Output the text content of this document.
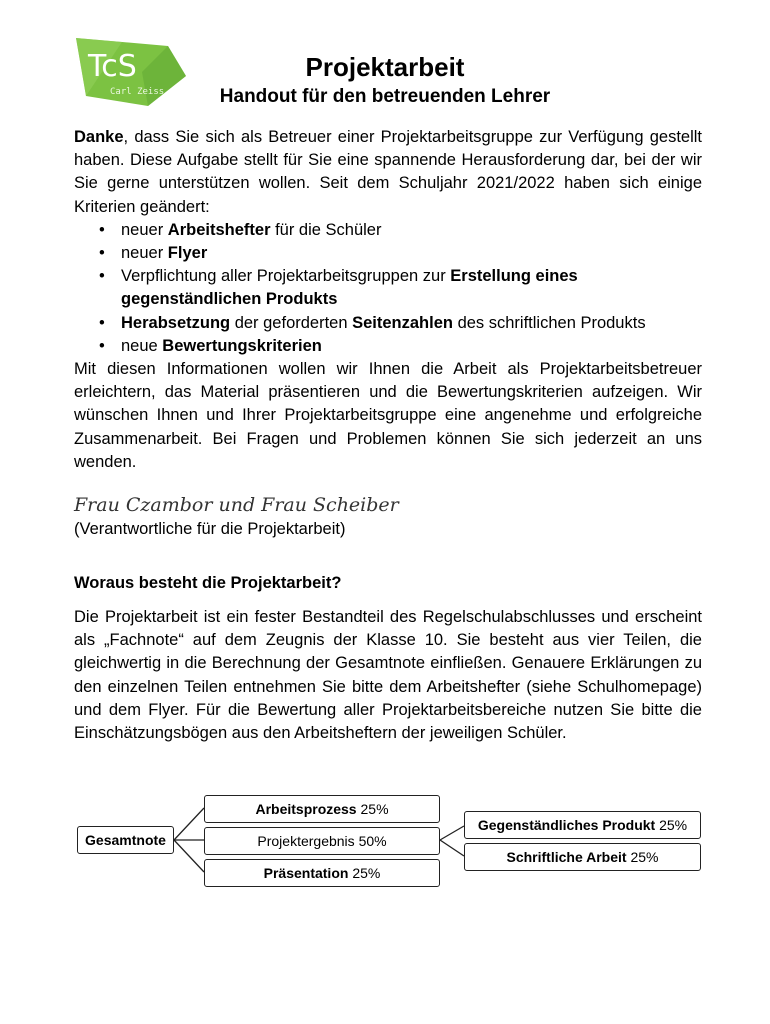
TcS
Carl Zeiss
Projektarbeit
Handout für den betreuenden Lehrer
Danke, dass Sie sich als Betreuer einer Projektarbeitsgruppe zur Verfügung gestellt haben. Diese Aufgabe stellt für Sie eine spannende Herausforderung dar, bei der wir Sie gerne unterstützen wollen. Seit dem Schuljahr 2021/2022 haben sich einige Kriterien geändert:
• neuer Arbeitshefter für die Schüler
• neuer Flyer
• Verpflichtung aller Projektarbeitsgruppen zur Erstellung eines gegenständlichen Produkts
• Herabsetzung der geforderten Seitenzahlen des schriftlichen Produkts
• neue Bewertungskriterien
Mit diesen Informationen wollen wir Ihnen die Arbeit als Projektarbeitsbetreuer erleichtern, das Material präsentieren und die Bewertungskriterien aufzeigen. Wir wünschen Ihnen und Ihrer Projektarbeitsgruppe eine angenehme und erfolgreiche Zusammenarbeit. Bei Fragen und Problemen können Sie sich jederzeit an uns wenden.
Frau Czambor und Frau Scheiber
(Verantwortliche für die Projektarbeit)
Woraus besteht die Projektarbeit?
Die Projektarbeit ist ein fester Bestandteil des Regelschulabschlusses und erscheint als „Fachnote“ auf dem Zeugnis der Klasse 10. Sie besteht aus vier Teilen, die gleichwertig in die Berechnung der Gesamtnote einfließen. Genauere Erklärungen zu den einzelnen Teilen entnehmen Sie bitte dem Arbeitshefter (siehe Schulhomepage) und dem Flyer. Für die Bewertung aller Projektarbeitsbereiche nutzen Sie bitte die Einschätzungsbögen aus den Arbeitsheftern der jeweiligen Schüler.
Gesamtnote
Arbeitsprozess
25%
Projektergebnis
50%
Präsentation
25%
Gegenständliches Produkt
25%
Schriftliche Arbeit
25%
